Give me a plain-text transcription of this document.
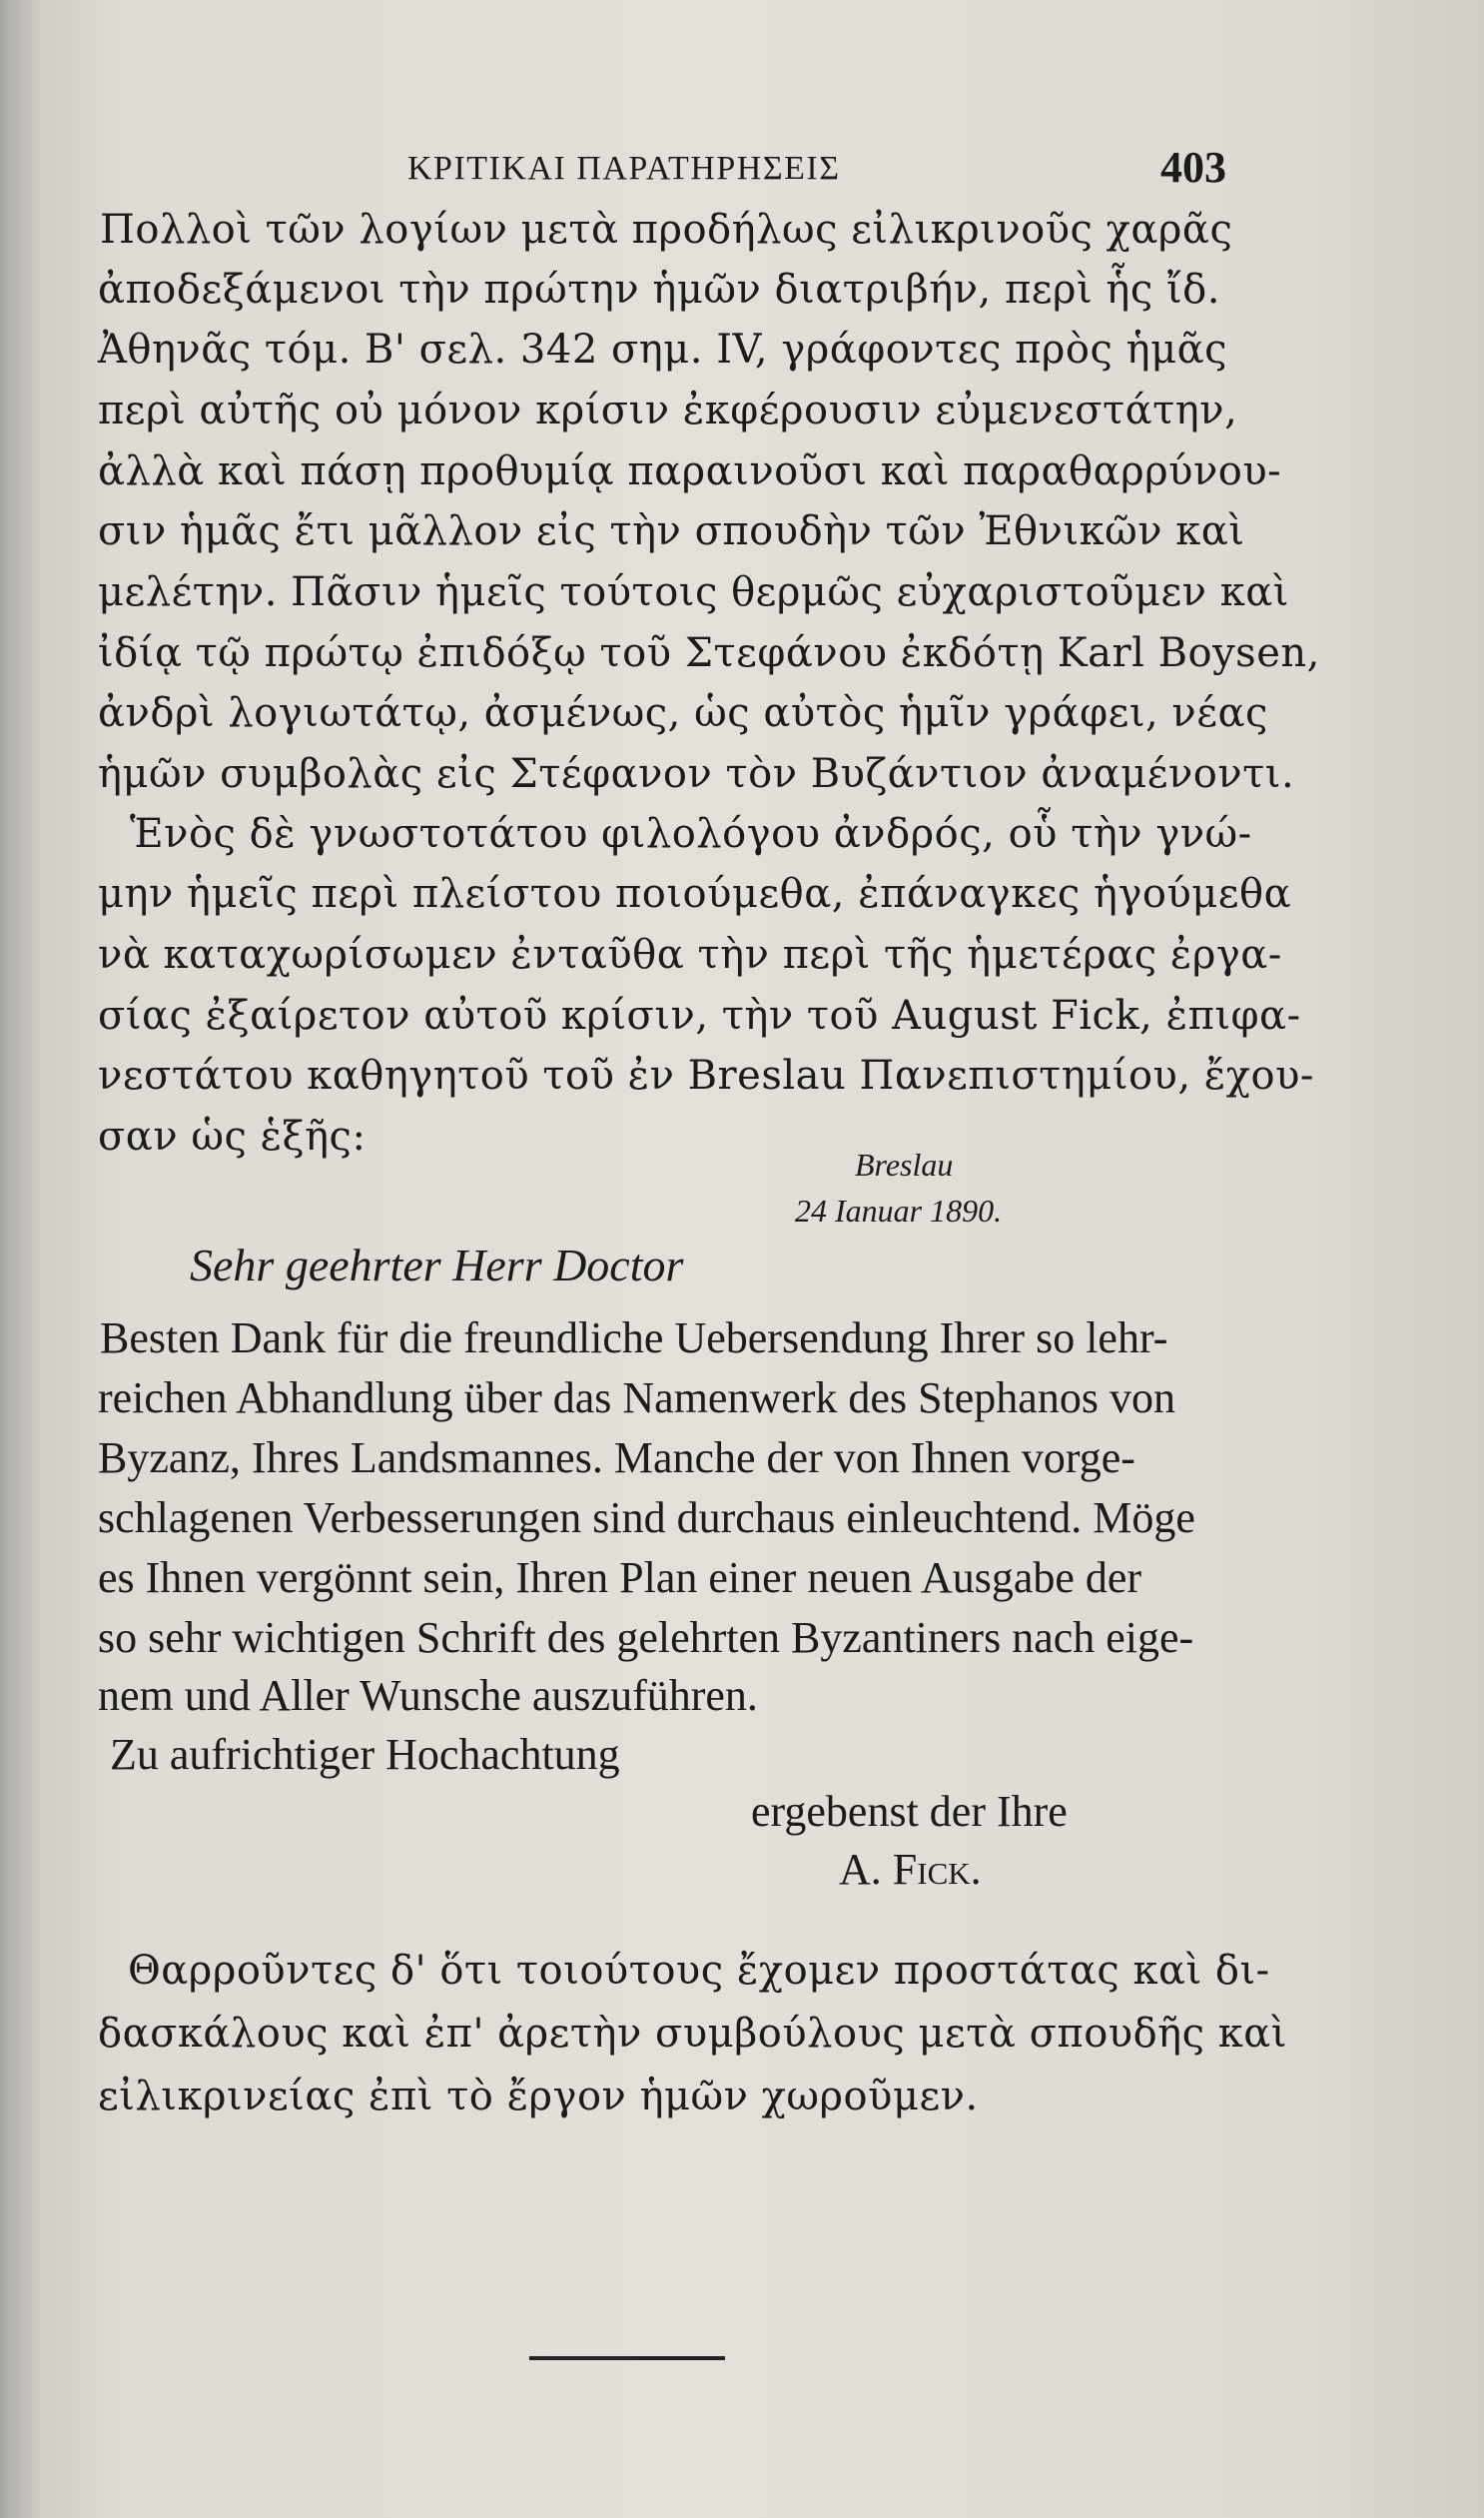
ΚΡΙΤΙΚΑΙ ΠΑΡΑΤΗΡΗΣΕΙΣ	403
Πολλοὶ τῶν λογίων μετὰ προδήλως εἰλικρινοῦς χαρᾶς
ἀποδεξάμενοι τὴν πρώτην ἡμῶν διατριβήν, περὶ ἧς ἴδ.
Ἀθηνᾶς τόμ. Β' σελ. 342 σημ. IV, γράφοντες πρὸς ἡμᾶς
περὶ αὐτῆς οὐ μόνον κρίσιν ἐκφέρουσιν εὐμενεστάτην,
ἀλλὰ καὶ πάσῃ προθυμίᾳ παραινοῦσι καὶ παραθαρρύνου-
σιν ἡμᾶς ἔτι μᾶλλον εἰς τὴν σπουδὴν τῶν Ἐθνικῶν καὶ
μελέτην. Πᾶσιν ἡμεῖς τούτοις θερμῶς εὐχαριστοῦμεν καὶ
ἰδίᾳ τῷ πρώτῳ ἐπιδόξῳ τοῦ Στεφάνου ἐκδότῃ Karl Boysen,
ἀνδρὶ λογιωτάτῳ, ἀσμένως, ὡς αὐτὸς ἡμῖν γράφει, νέας
ἡμῶν συμβολὰς εἰς Στέφανον τὸν Βυζάντιον ἀναμένοντι.
Ἑνὸς δὲ γνωστοτάτου φιλολόγου ἀνδρός, οὗ τὴν γνώ-
μην ἡμεῖς περὶ πλείστου ποιούμεθα, ἐπάναγκες ἡγούμεθα
νὰ καταχωρίσωμεν ἐνταῦθα τὴν περὶ τῆς ἡμετέρας ἐργα-
σίας ἐξαίρετον αὐτοῦ κρίσιν, τὴν τοῦ August Fick, ἐπιφα-
νεστάτου καθηγητοῦ τοῦ ἐν Breslau Πανεπιστημίου, ἔχου-
σαν ὡς ἑξῆς:
Breslau
24 Ianuar 1890.
Sehr geehrter Herr Doctor
Besten Dank für die freundliche Uebersendung Ihrer so lehr-
reichen Abhandlung über das Namenwerk des Stephanos von
Byzanz, Ihres Landsmannes. Manche der von Ihnen vorge-
schlagenen Verbesserungen sind durchaus einleuchtend. Möge
es Ihnen vergönnt sein, Ihren Plan einer neuen Ausgabe der
so sehr wichtigen Schrift des gelehrten Byzantiners nach eige-
nem und Aller Wunsche auszuführen.
Zu aufrichtiger Hochachtung
ergebenst der Ihre
A. Fick.
Θαρροῦντες δ' ὅτι τοιούτους ἔχομεν προστάτας καὶ δι-
δασκάλους καὶ ἐπ' ἀρετὴν συμβούλους μετὰ σπουδῆς καὶ
εἰλικρινείας ἐπὶ τὸ ἔργον ἡμῶν χωροῦμεν.
